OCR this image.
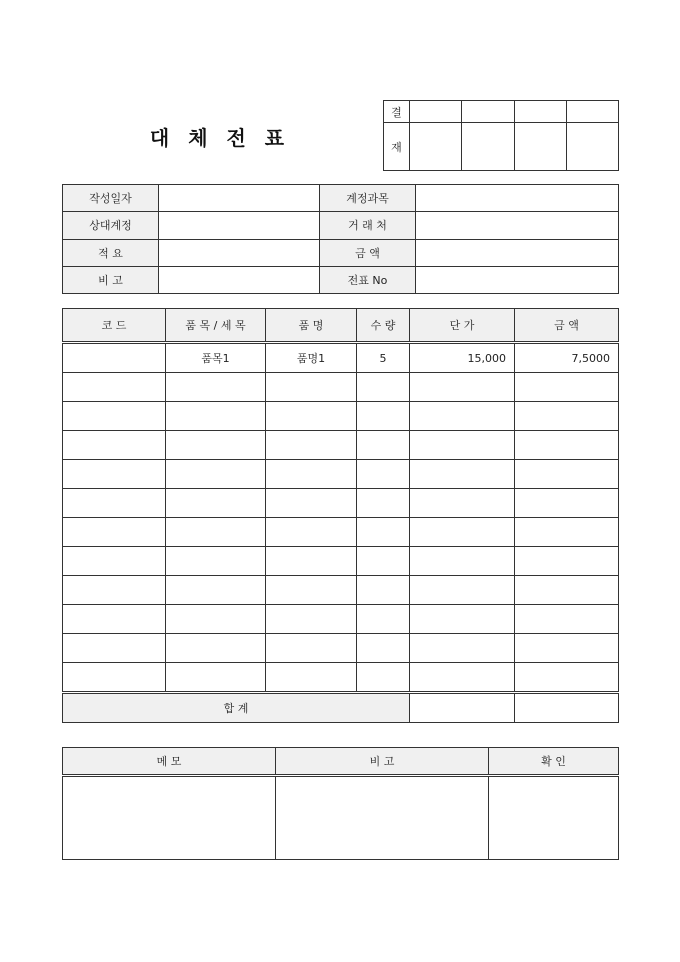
대 체 전 표
결				
재				
작성일자		계정과목	
상대계정		거 래 처	
적 요		금 액	
비 고		전표 No	
코 드	품 목 / 세 목	품 명	수 량	단 가	금 액
	품목1	품명1	5	15,000	7,5000

합 계					
메 모	비 고	확 인
